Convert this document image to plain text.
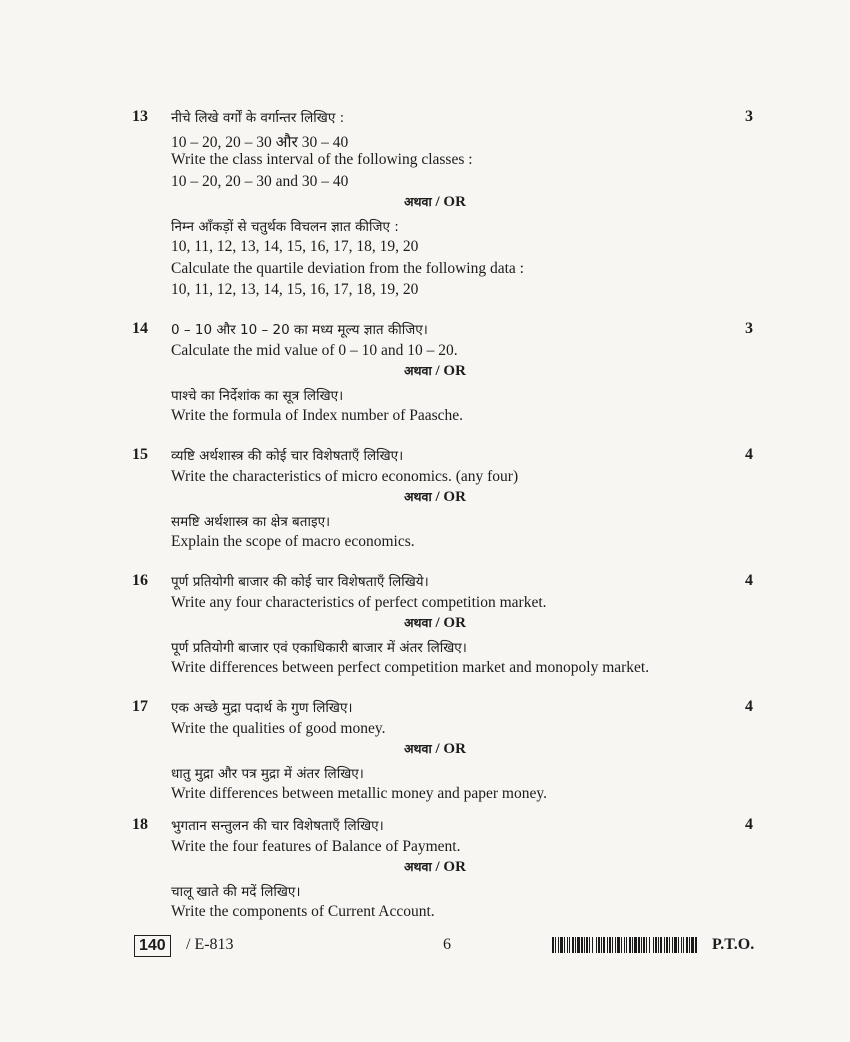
13	3
नीचे लिखे वर्गों के वर्गान्तर लिखिए :
10 – 20, 20 – 30 और 30 – 40
Write the class interval of the following classes :
10 – 20, 20 – 30 and 30 – 40
अथवा / OR
निम्न आँकड़ों से चतुर्थक विचलन ज्ञात कीजिए :
10, 11, 12, 13, 14, 15, 16, 17, 18, 19, 20
Calculate the quartile deviation from the following data :
10, 11, 12, 13, 14, 15, 16, 17, 18, 19, 20
14	3
0 – 10 और 10 – 20 का मध्य मूल्य ज्ञात कीजिए।
Calculate the mid value of 0 – 10 and 10 – 20.
अथवा / OR
पाश्चे का निर्देशांक का सूत्र लिखिए।
Write the formula of Index number of Paasche.
15	4
व्यष्टि अर्थशास्त्र की कोई चार विशेषताएँ लिखिए।
Write the characteristics of micro economics. (any four)
अथवा / OR
समष्टि अर्थशास्त्र का क्षेत्र बताइए।
Explain the scope of macro economics.
16	4
पूर्ण प्रतियोगी बाजार की कोई चार विशेषताएँ लिखिये।
Write any four characteristics of perfect competition market.
अथवा / OR
पूर्ण प्रतियोगी बाजार एवं एकाधिकारी बाजार में अंतर लिखिए।
Write differences between perfect competition market and monopoly market.
17	4
एक अच्छे मुद्रा पदार्थ के गुण लिखिए।
Write the qualities of good money.
अथवा / OR
धातु मुद्रा और पत्र मुद्रा में अंतर लिखिए।
Write differences between metallic money and paper money.
18	4
भुगतान सन्तुलन की चार विशेषताएँ लिखिए।
Write the four features of Balance of Payment.
अथवा / OR
चालू खाते की मदें लिखिए।
Write the components of Current Account.
140	/ E-813	6	P.T.O.
